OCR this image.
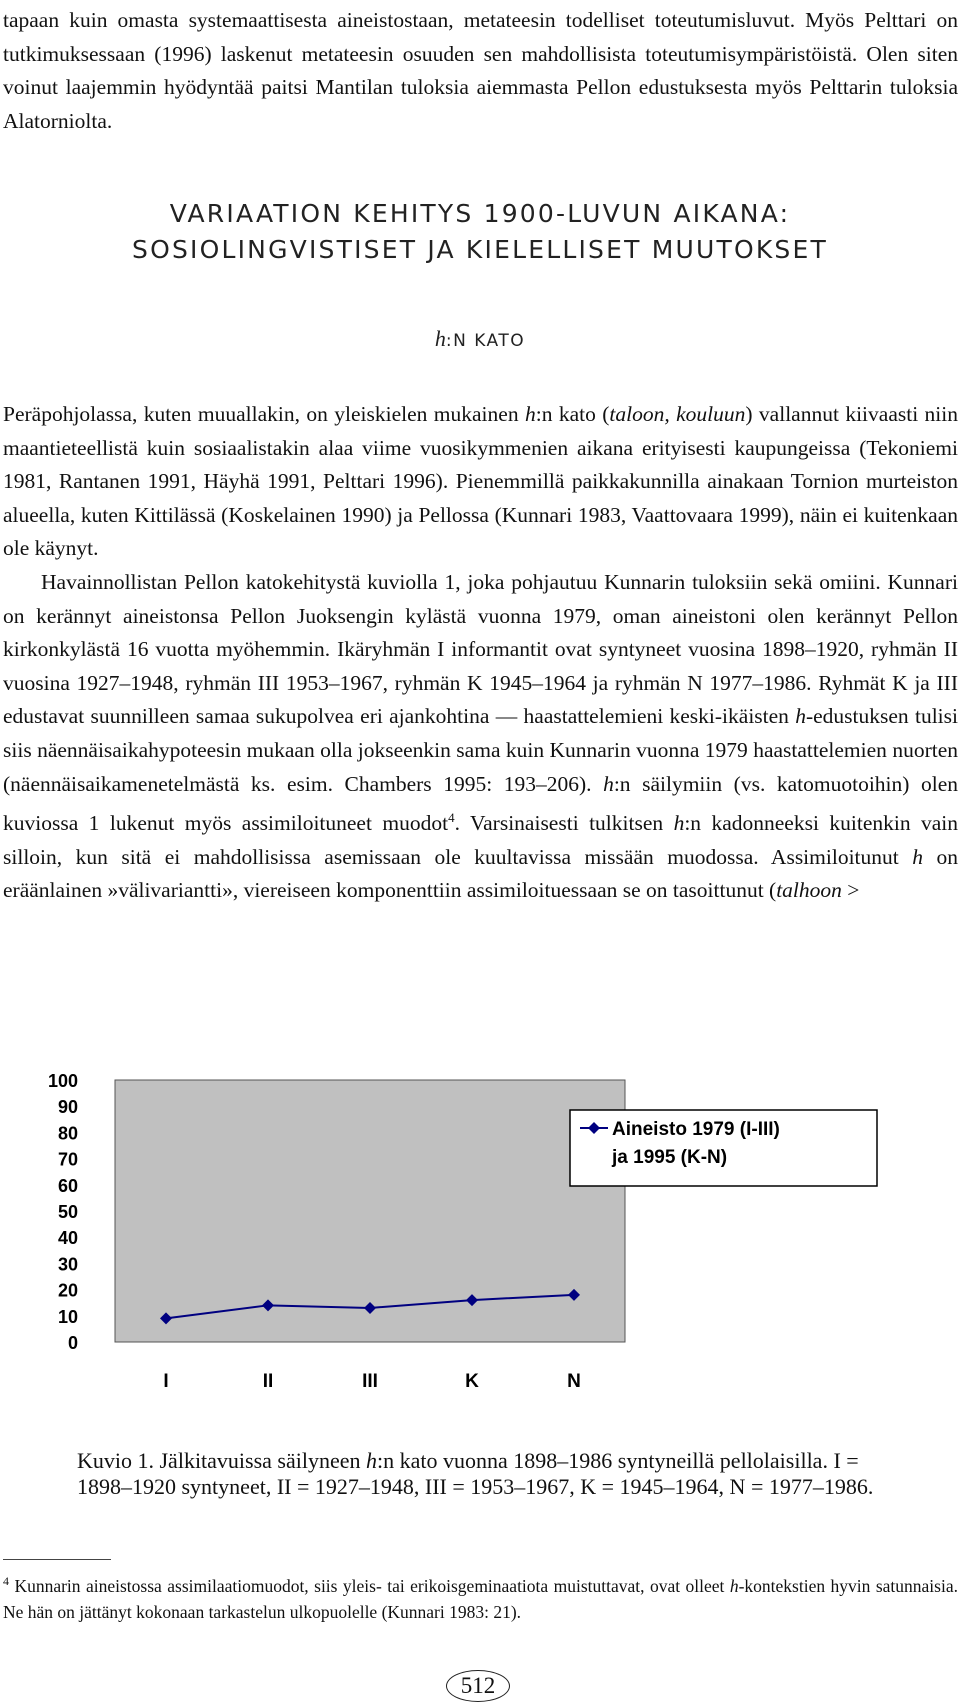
tapaan kuin omasta systemaattisesta aineistostaan, metateesin todelliset toteutumisluvut. Myös Pelttari on tutkimuksessaan (1996) laskenut metateesin osuuden sen mahdollisista toteutumisympäristöistä. Olen siten voinut laajemmin hyödyntää paitsi Mantilan tuloksia aiemmasta Pellon edustuksesta myös Pelttarin tuloksia Alatorniolta.

VARIAATION KEHITYS 1900-LUVUN AIKANA:
SOSIOLINGVISTISET JA KIELELLISET MUUTOKSET
h:N KATO

Peräpohjolassa, kuten muuallakin, on yleiskielen mukainen h:n kato (taloon, kouluun) vallannut kiivaasti niin maantieteellistä kuin sosiaalistakin alaa viime vuosikymmenien aikana erityisesti kaupungeissa (Tekoniemi 1981, Rantanen 1991, Häyhä 1991, Pelttari 1996). Pienemmillä paikkakunnilla ainakaan Tornion murteiston alueella, kuten Kittilässä (Koskelainen 1990) ja Pellossa (Kunnari 1983, Vaattovaara 1999), näin ei kuitenkaan ole käynyt.

Havainnollistan Pellon katokehitystä kuviolla 1, joka pohjautuu Kunnarin tuloksiin sekä omiini. Kunnari on kerännyt aineistonsa Pellon Juoksengin kylästä vuonna 1979, oman aineistoni olen kerännyt Pellon kirkonkylästä 16 vuotta myöhemmin. Ikäryhmän I informantit ovat syntyneet vuosina 1898–1920, ryhmän II vuosina 1927–1948, ryhmän III 1953–1967, ryhmän K 1945–1964 ja ryhmän N 1977–1986. Ryhmät K ja III edustavat suunnilleen samaa sukupolvea eri ajankohtina — haastattelemieni keski-ikäisten h-edustuksen tulisi siis näennäisaikahypoteesin mukaan olla jokseenkin sama kuin Kunnarin vuonna 1979 haastattelemien nuorten (näennäisaikamenetelmästä ks. esim. Chambers 1995: 193–206). h:n säilymiin (vs. katomuotoihin) olen kuviossa 1 lukenut myös assimiloituneet muodot$^4$. Varsinaisesti tulkitsen h:n kadonneeksi kuitenkin vain silloin, kun sitä ei mahdollisissa asemissaan ole kuultavissa missään muodossa. Assimiloitunut h on eräänlainen »välivariantti», viereiseen komponenttiin assimiloituessaan se on tasoittunut (talhoon >

0
10
20
30
40
50
60
70
80
90
100
I	II	III	K	N
Aineisto 1979 (I-III)
ja 1995 (K-N)
Kuvio 1. Jälkitavuissa säilyneen h:n kato vuonna 1898–1986 syntyneillä pellolaisilla. I = 1898–1920 syntyneet, II = 1927–1948, III = 1953–1967, K = 1945–1964, N = 1977–1986.
$^4$ Kunnarin aineistossa assimilaatiomuodot, siis yleis- tai erikoisgeminaatiota muistuttavat, ovat olleet h-kontekstien hyvin satunnaisia. Ne hän on jättänyt kokonaan tarkastelun ulkopuolelle (Kunnari 1983: 21).
512
